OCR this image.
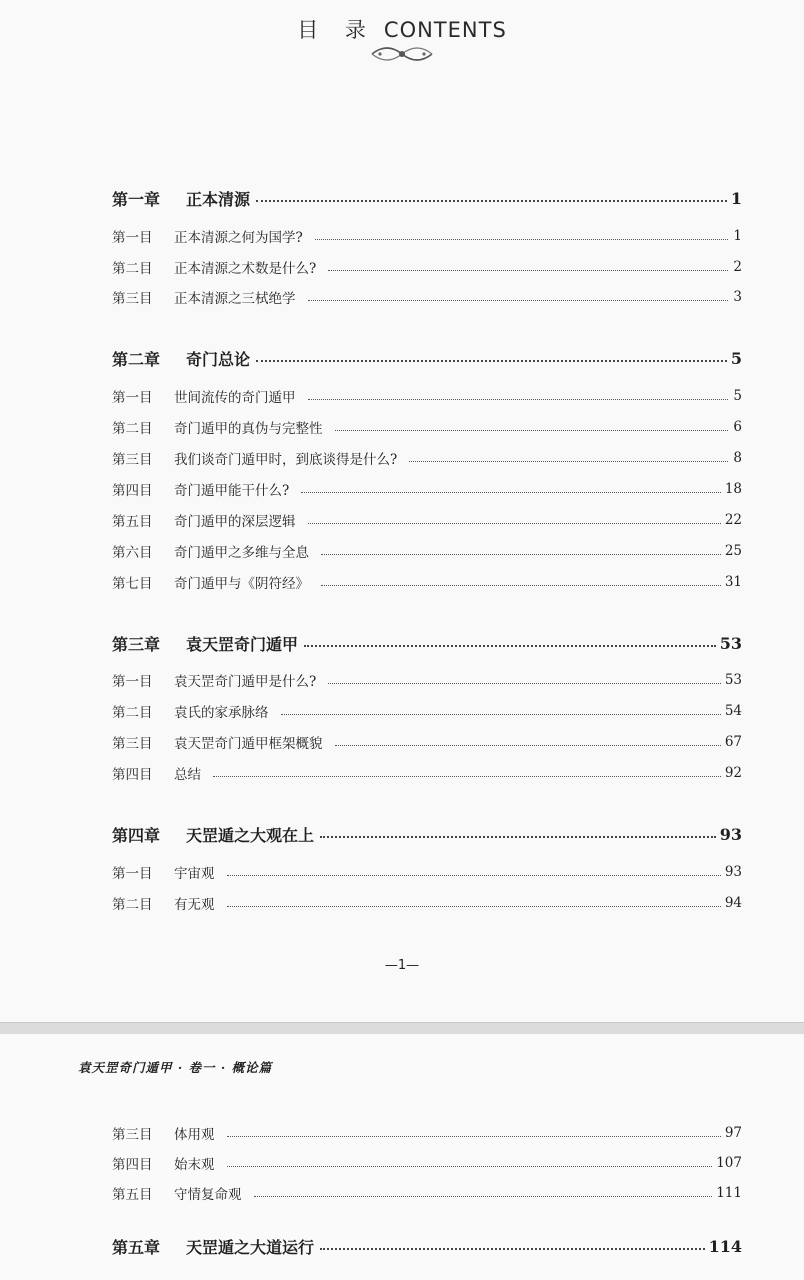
目 录 CONTENTS
第一章	正本清源	1
第一目	正本清源之何为国学?	1
第二目	正本清源之术数是什么?	2
第三目	正本清源之三栻绝学	3
第二章	奇门总论	5
第一目	世间流传的奇门遁甲	5
第二目	奇门遁甲的真伪与完整性	6
第三目	我们谈奇门遁甲时，到底谈得是什么?	8
第四目	奇门遁甲能干什么?	18
第五目	奇门遁甲的深层逻辑	22
第六目	奇门遁甲之多维与全息	25
第七目	奇门遁甲与《阴符经》	31
第三章	袁天罡奇门遁甲	53
第一目	袁天罡奇门遁甲是什么?	53
第二目	袁氏的家承脉络	54
第三目	袁天罡奇门遁甲框架概貌	67
第四目	总结	92
第四章	天罡遁之大观在上	93
第一目	宇宙观	93
第二目	有无观	94
—1—
袁天罡奇门遁甲 · 卷一 · 概论篇
第三目	体用观	97
第四目	始末观	107
第五目	守情复命观	111
第五章	天罡遁之大道运行	114
